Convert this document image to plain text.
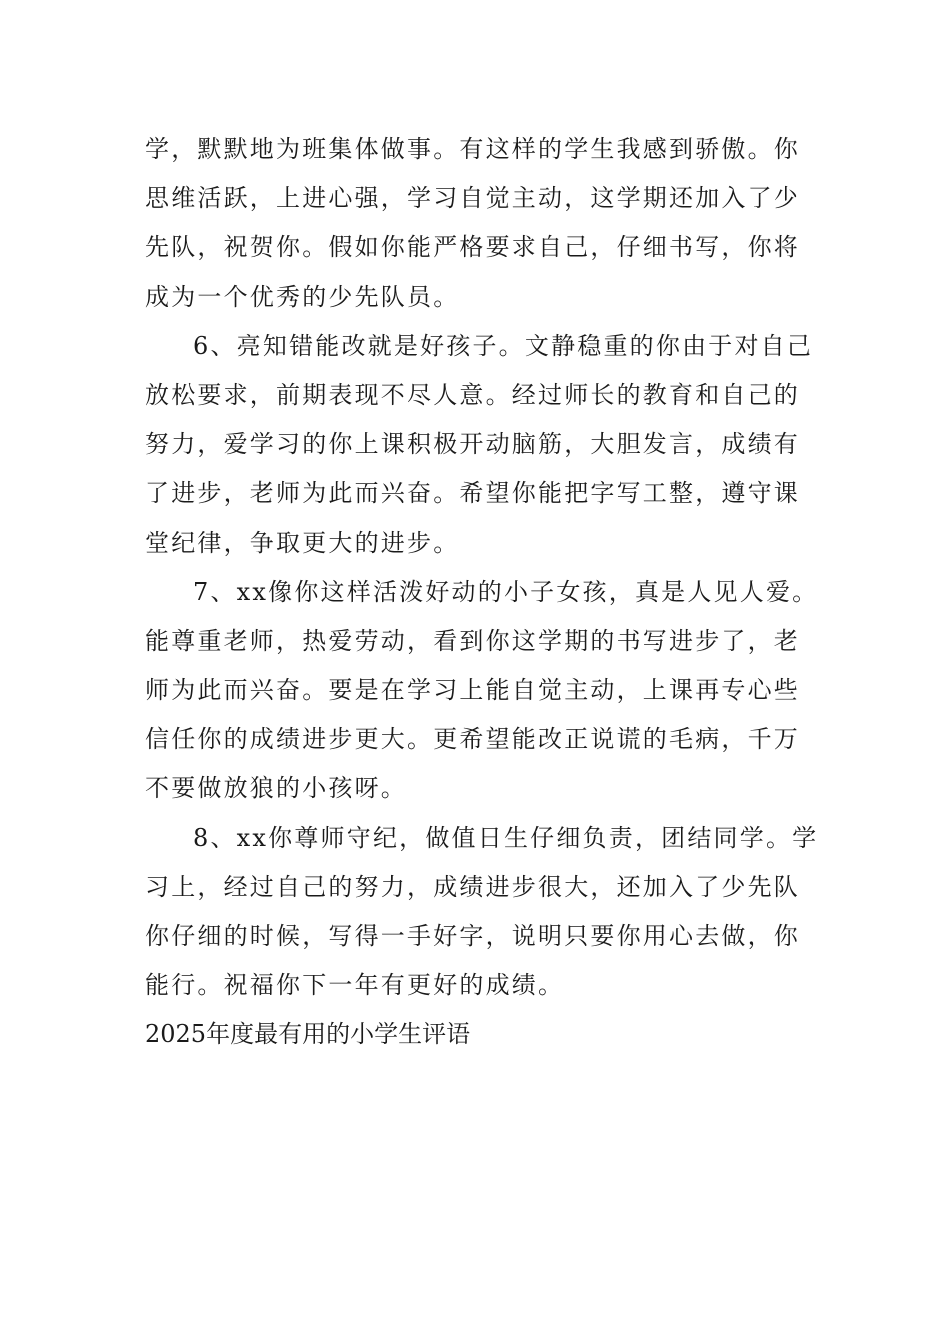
学，默默地为班集体做事。有这样的学生我感到骄傲。你
思维活跃，上进心强，学习自觉主动，这学期还加入了少
先队，祝贺你。假如你能严格要求自己，仔细书写，你将
成为一个优秀的少先队员。
6、亮知错能改就是好孩子。文静稳重的你由于对自己
放松要求，前期表现不尽人意。经过师长的教育和自己的
努力，爱学习的你上课积极开动脑筋，大胆发言，成绩有
了进步，老师为此而兴奋。希望你能把字写工整，遵守课
堂纪律，争取更大的进步。
7、xx像你这样活泼好动的小子女孩，真是人见人爱。
能尊重老师，热爱劳动，看到你这学期的书写进步了，老
师为此而兴奋。要是在学习上能自觉主动，上课再专心些
信任你的成绩进步更大。更希望能改正说谎的毛病，千万
不要做放狼的小孩呀。
8、xx你尊师守纪，做值日生仔细负责，团结同学。学
习上，经过自己的努力，成绩进步很大，还加入了少先队
你仔细的时候，写得一手好字，说明只要你用心去做，你
能行。祝福你下一年有更好的成绩。
2025年度最有用的小学生评语
